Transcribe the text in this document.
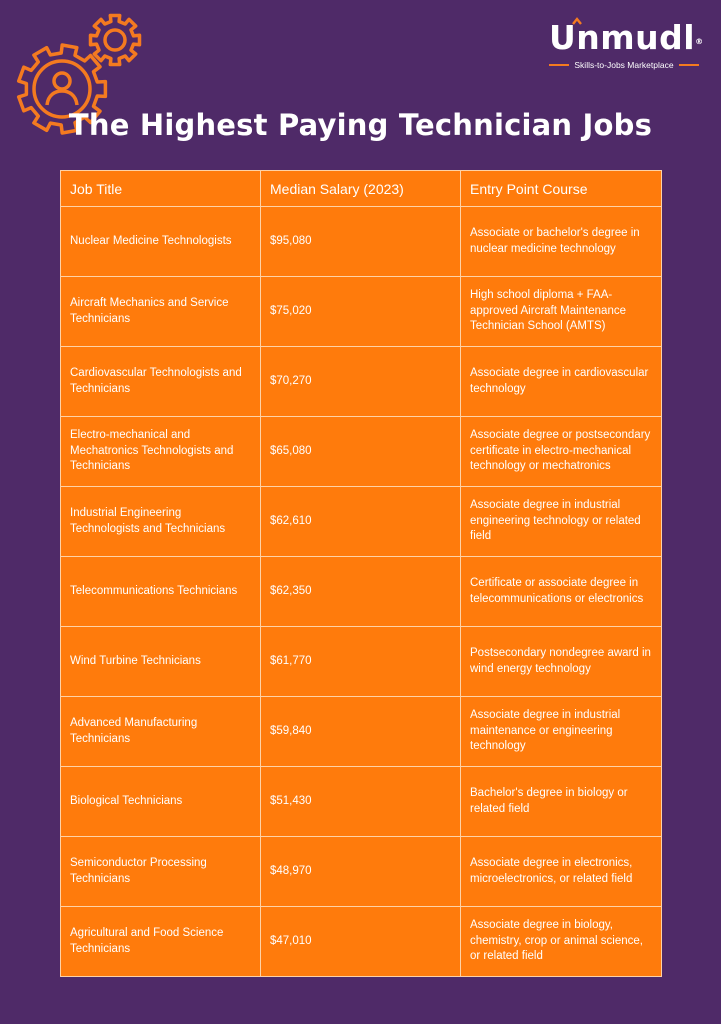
Unmudl®
Skills-to-Jobs Marketplace
The Highest Paying Technician Jobs
Job Title	Median Salary (2023)	Entry Point Course
Nuclear Medicine Technologists	$95,080	Associate or bachelor's degree in nuclear medicine technology
Aircraft Mechanics and Service Technicians	$75,020	High school diploma + FAA-approved Aircraft Maintenance Technician School (AMTS)
Cardiovascular Technologists and Technicians	$70,270	Associate degree in cardiovascular technology
Electro-mechanical and Mechatronics Technologists and Technicians	$65,080	Associate degree or postsecondary certificate in electro-mechanical technology or mechatronics
Industrial Engineering Technologists and Technicians	$62,610	Associate degree in industrial engineering technology or related field
Telecommunications Technicians	$62,350	Certificate or associate degree in telecommunications or electronics
Wind Turbine Technicians	$61,770	Postsecondary nondegree award in wind energy technology
Advanced Manufacturing Technicians	$59,840	Associate degree in industrial maintenance or engineering technology
Biological Technicians	$51,430	Bachelor's degree in biology or related field
Semiconductor Processing Technicians	$48,970	Associate degree in electronics, microelectronics, or related field
Agricultural and Food Science Technicians	$47,010	Associate degree in biology, chemistry, crop or animal science, or related field
